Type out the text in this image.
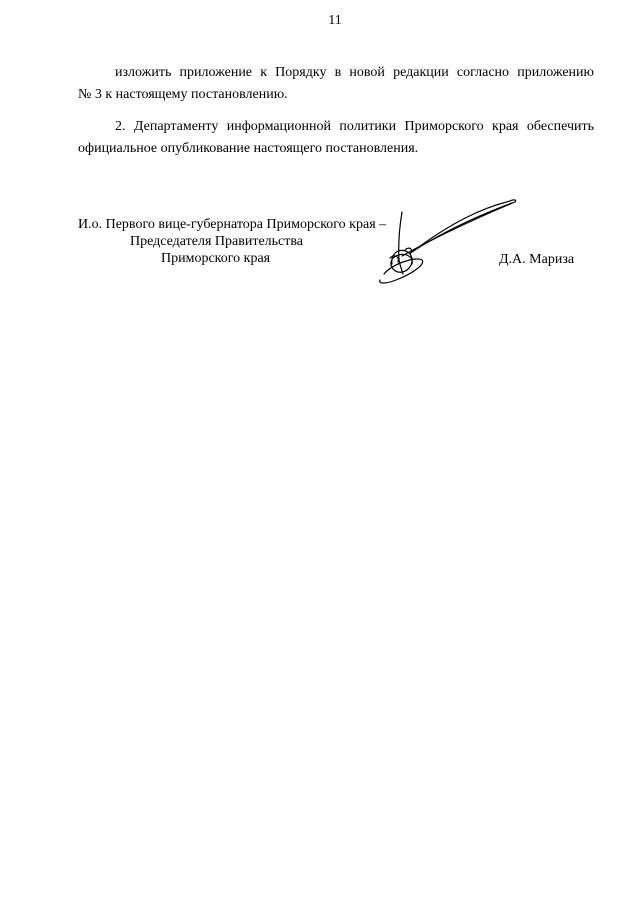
11
изложить приложение к Порядку в новой редакции согласно приложению
№ 3 к настоящему постановлению.
2. Департаменту информационной политики Приморского края обеспечить
официальное опубликование настоящего постановления.
И.о. Первого вице-губернатора Приморского края –
Председателя Правительства
Приморского края	Д.А. Мариза
